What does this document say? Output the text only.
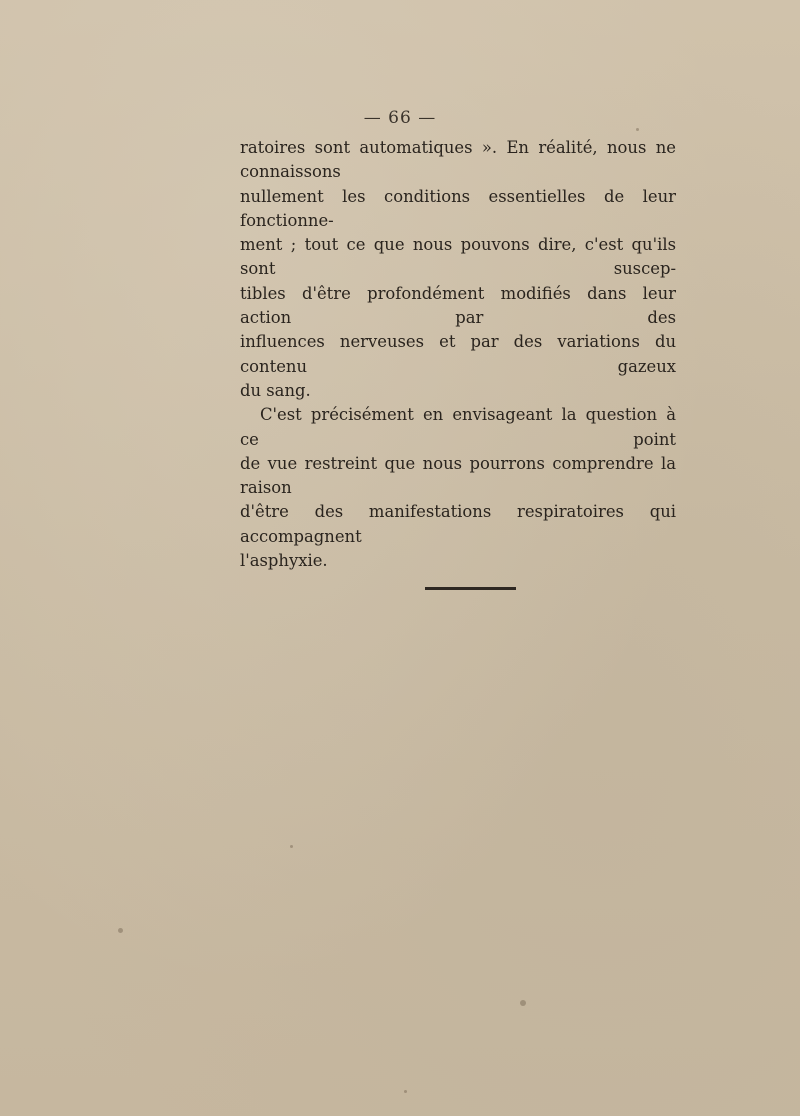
— 66 —

ratoires sont automatiques ». En réalité, nous ne connaissons

nullement les conditions essentielles de leur fonctionne-

ment ; tout ce que nous pouvons dire, c'est qu'ils sont suscep-

tibles d'être profondément modifiés dans leur action par des

influences nerveuses et par des variations du contenu gazeux

du sang.

C'est précisément en envisageant la question à ce point

de vue restreint que nous pourrons comprendre la raison

d'être des manifestations respiratoires qui accompagnent

l'asphyxie.
